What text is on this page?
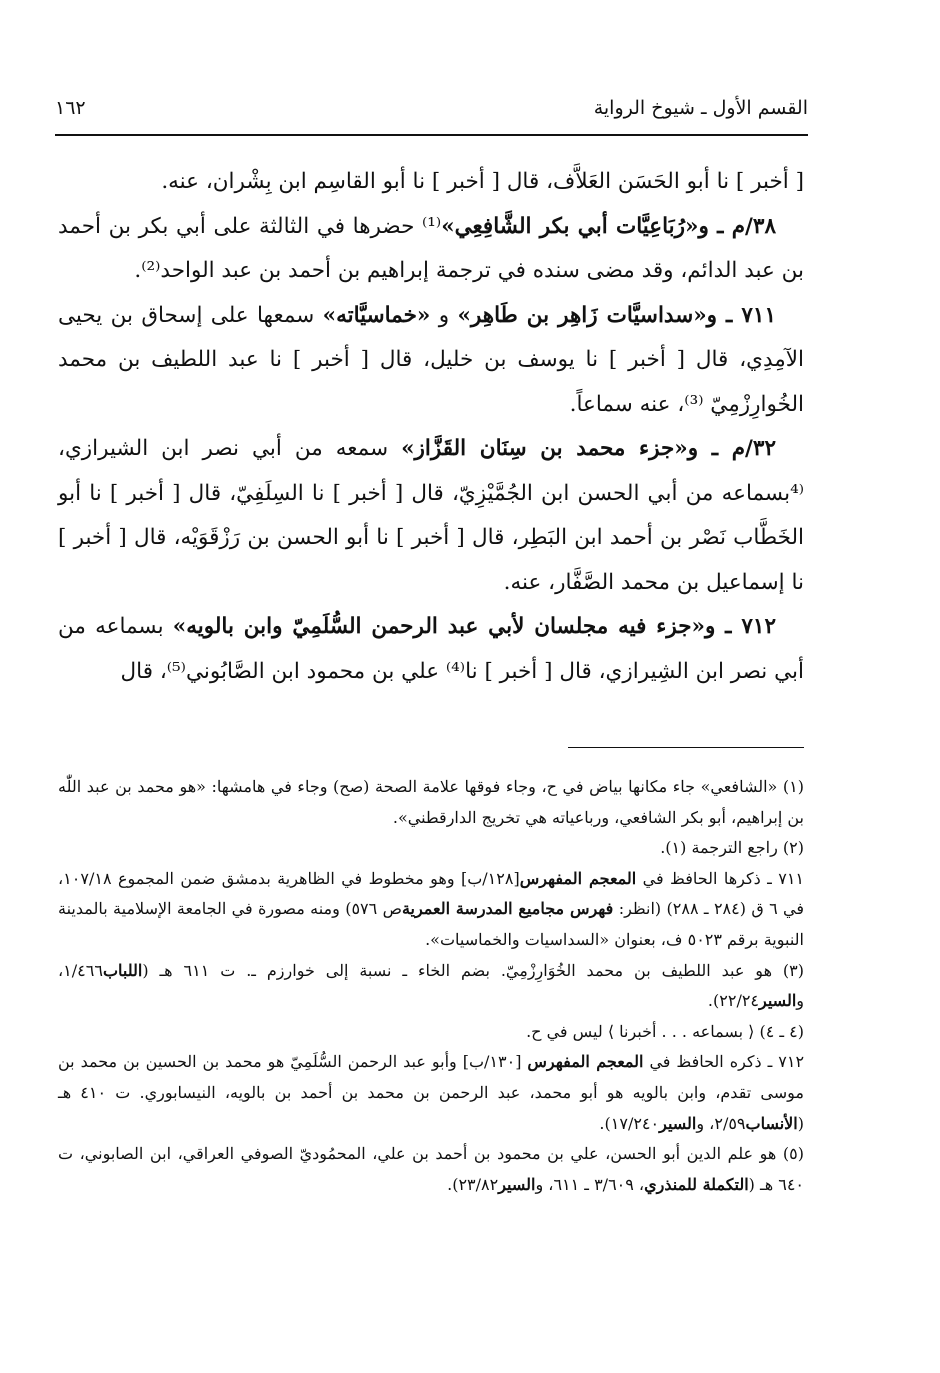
القسم الأول ـ شيوخ الرواية
١٦٢

[ أخبر ] نا أبو الحَسَن العَلاَّف، قال [ أخبر ] نا أبو القاسِم ابن بِشْران، عنه.

٣٨/م ـ و«رُبَاعِيَّات أبي بكر الشَّافِعِي»⁽¹⁾ حضرها في الثالثة على أبي بكر بن أحمد بن عبد الدائم، وقد مضى سنده في ترجمة إبراهيم بن أحمد بن عبد الواحد⁽²⁾.

٧١١ ـ و«سداسيَّات زَاهِر بن طَاهِر» و «خماسيَّاته» سمعها على إسحاق بن يحيى الآمِدِي، قال [ أخبر ] نا يوسف بن خليل، قال [ أخبر ] نا عبد اللطيف بن محمد الخُوارِزْمِيّ ⁽³⁾، عنه سماعاً.

٣٢/م ـ و«جزء محمد بن سِنَان القَزَّاز» سمعه من أبي نصر ابن الشيرازي، ⁽⁴بسماعه من أبي الحسن ابن الجُمَّيْزِيّ، قال [ أخبر ] نا السِلَفِيّ، قال [ أخبر ] نا أبو الخَطَّاب نَصْر بن أحمد ابن البَطِر، قال [ أخبر ] نا أبو الحسن بن رَزْقَوَيْه، قال [ أخبر ] نا إسماعيل بن محمد الصَّفَّار، عنه.

٧١٢ ـ و«جزء فيه مجلسان لأبي عبد الرحمن السُّلَمِيّ وابن بالويه» بسماعه من أبي نصر ابن الشِيرازي، قال [ أخبر ] نا⁽⁴⁾ علي بن محمود ابن الصَّابُوني⁽⁵⁾، قال

(١) «الشافعي» جاء مكانها بياض في ح، وجاء فوقها علامة الصحة (صح) وجاء في هامشها: «هو محمد بن عبد اللّٰه بن إبراهيم، أبو بكر الشافعي، ورباعياته هي تخريج الدارقطني».

(٢) راجع الترجمة (١).

٧١١ ـ ذكرها الحافظ في المعجم المفهرس[١٢٨/ب] وهو مخطوط في الظاهرية بدمشق ضمن المجموع ١٠٧/١٨، في ٦ ق (٢٨٤ ـ ٢٨٨) (انظر: فهرس مجاميع المدرسة العمريةص ٥٧٦) ومنه مصورة في الجامعة الإسلامية بالمدينة النبوية برقم ٥٠٢٣ ف، بعنوان «السداسيات والخماسيات».

(٣) هو عبد اللطيف بن محمد الخُوَارِزْمِيّ. بضم الخاء ـ نسبة إلى خوارزم ـ. ت ٦١١ هـ (اللباب١/٤٦٦، والسير٢٢/٢٤).

(٤ ـ ٤) ⟨ بسماعه . . . أخبرنا ⟩ ليس في ح.

٧١٢ ـ ذكره الحافظ في المعجم المفهرس [١٣٠/ب] وأبو عبد الرحمن السُّلَمِيّ هو محمد بن الحسين بن محمد بن موسى تقدم، وابن بالويه هو أبو محمد، عبد الرحمن بن محمد بن أحمد بن بالويه، النيسابوري. ت ٤١٠ هـ (الأنساب٢/٥٩، والسير١٧/٢٤٠).

(٥) هو علم الدين أبو الحسن، علي بن محمود بن أحمد بن علي، المحمُوديّ الصوفي العراقي، ابن الصابوني، ت ٦٤٠ هـ (التكملة للمنذري، ٣/٦٠٩ ـ ٦١١، والسير٢٣/٨٢).
